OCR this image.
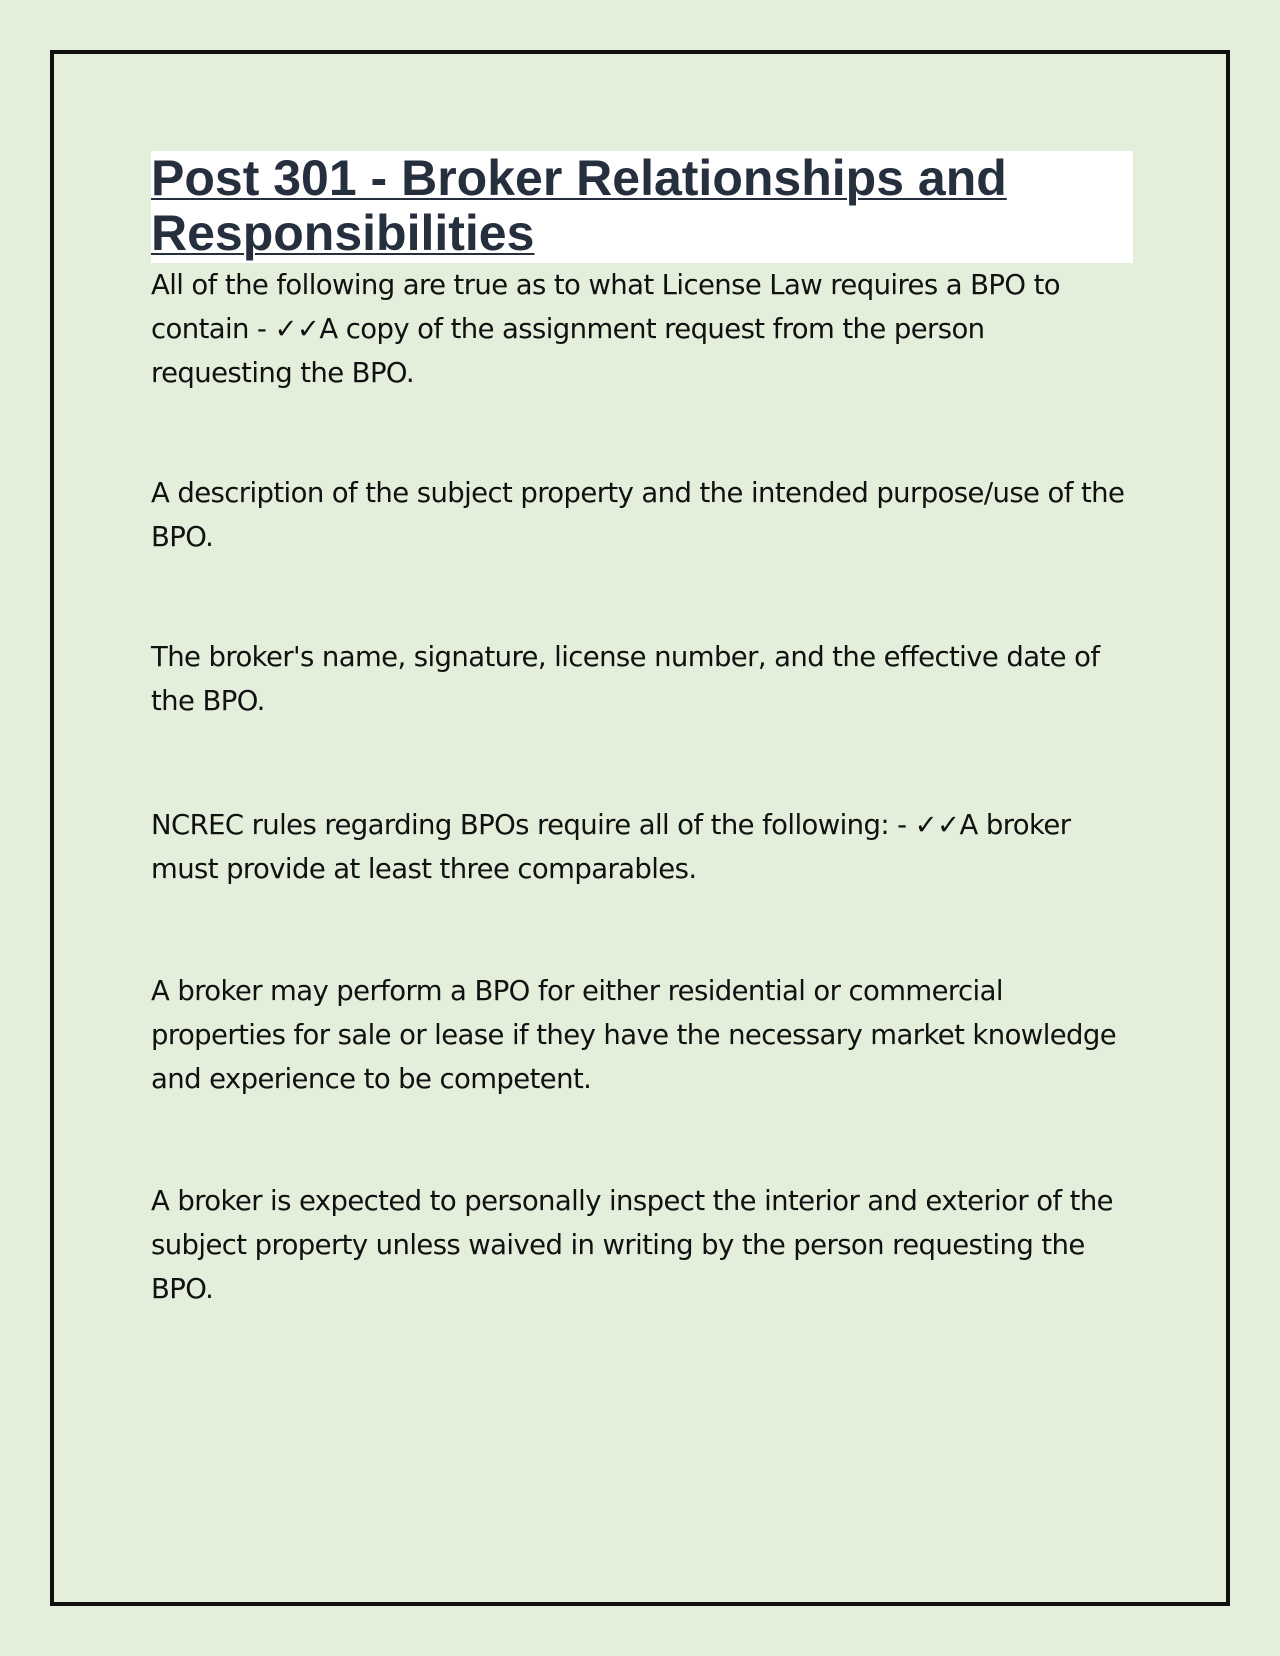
Post 301 - Broker Relationships and Responsibilities

All of the following are true as to what License Law requires a BPO to contain - ✓✓A copy of the assignment request from the person requesting the BPO.

A description of the subject property and the intended purpose/use of the BPO.

The broker's name, signature, license number, and the effective date of the BPO.

NCREC rules regarding BPOs require all of the following: - ✓✓A broker must provide at least three comparables.

A broker may perform a BPO for either residential or commercial properties for sale or lease if they have the necessary market knowledge and experience to be competent.

A broker is expected to personally inspect the interior and exterior of the subject property unless waived in writing by the person requesting the BPO.
